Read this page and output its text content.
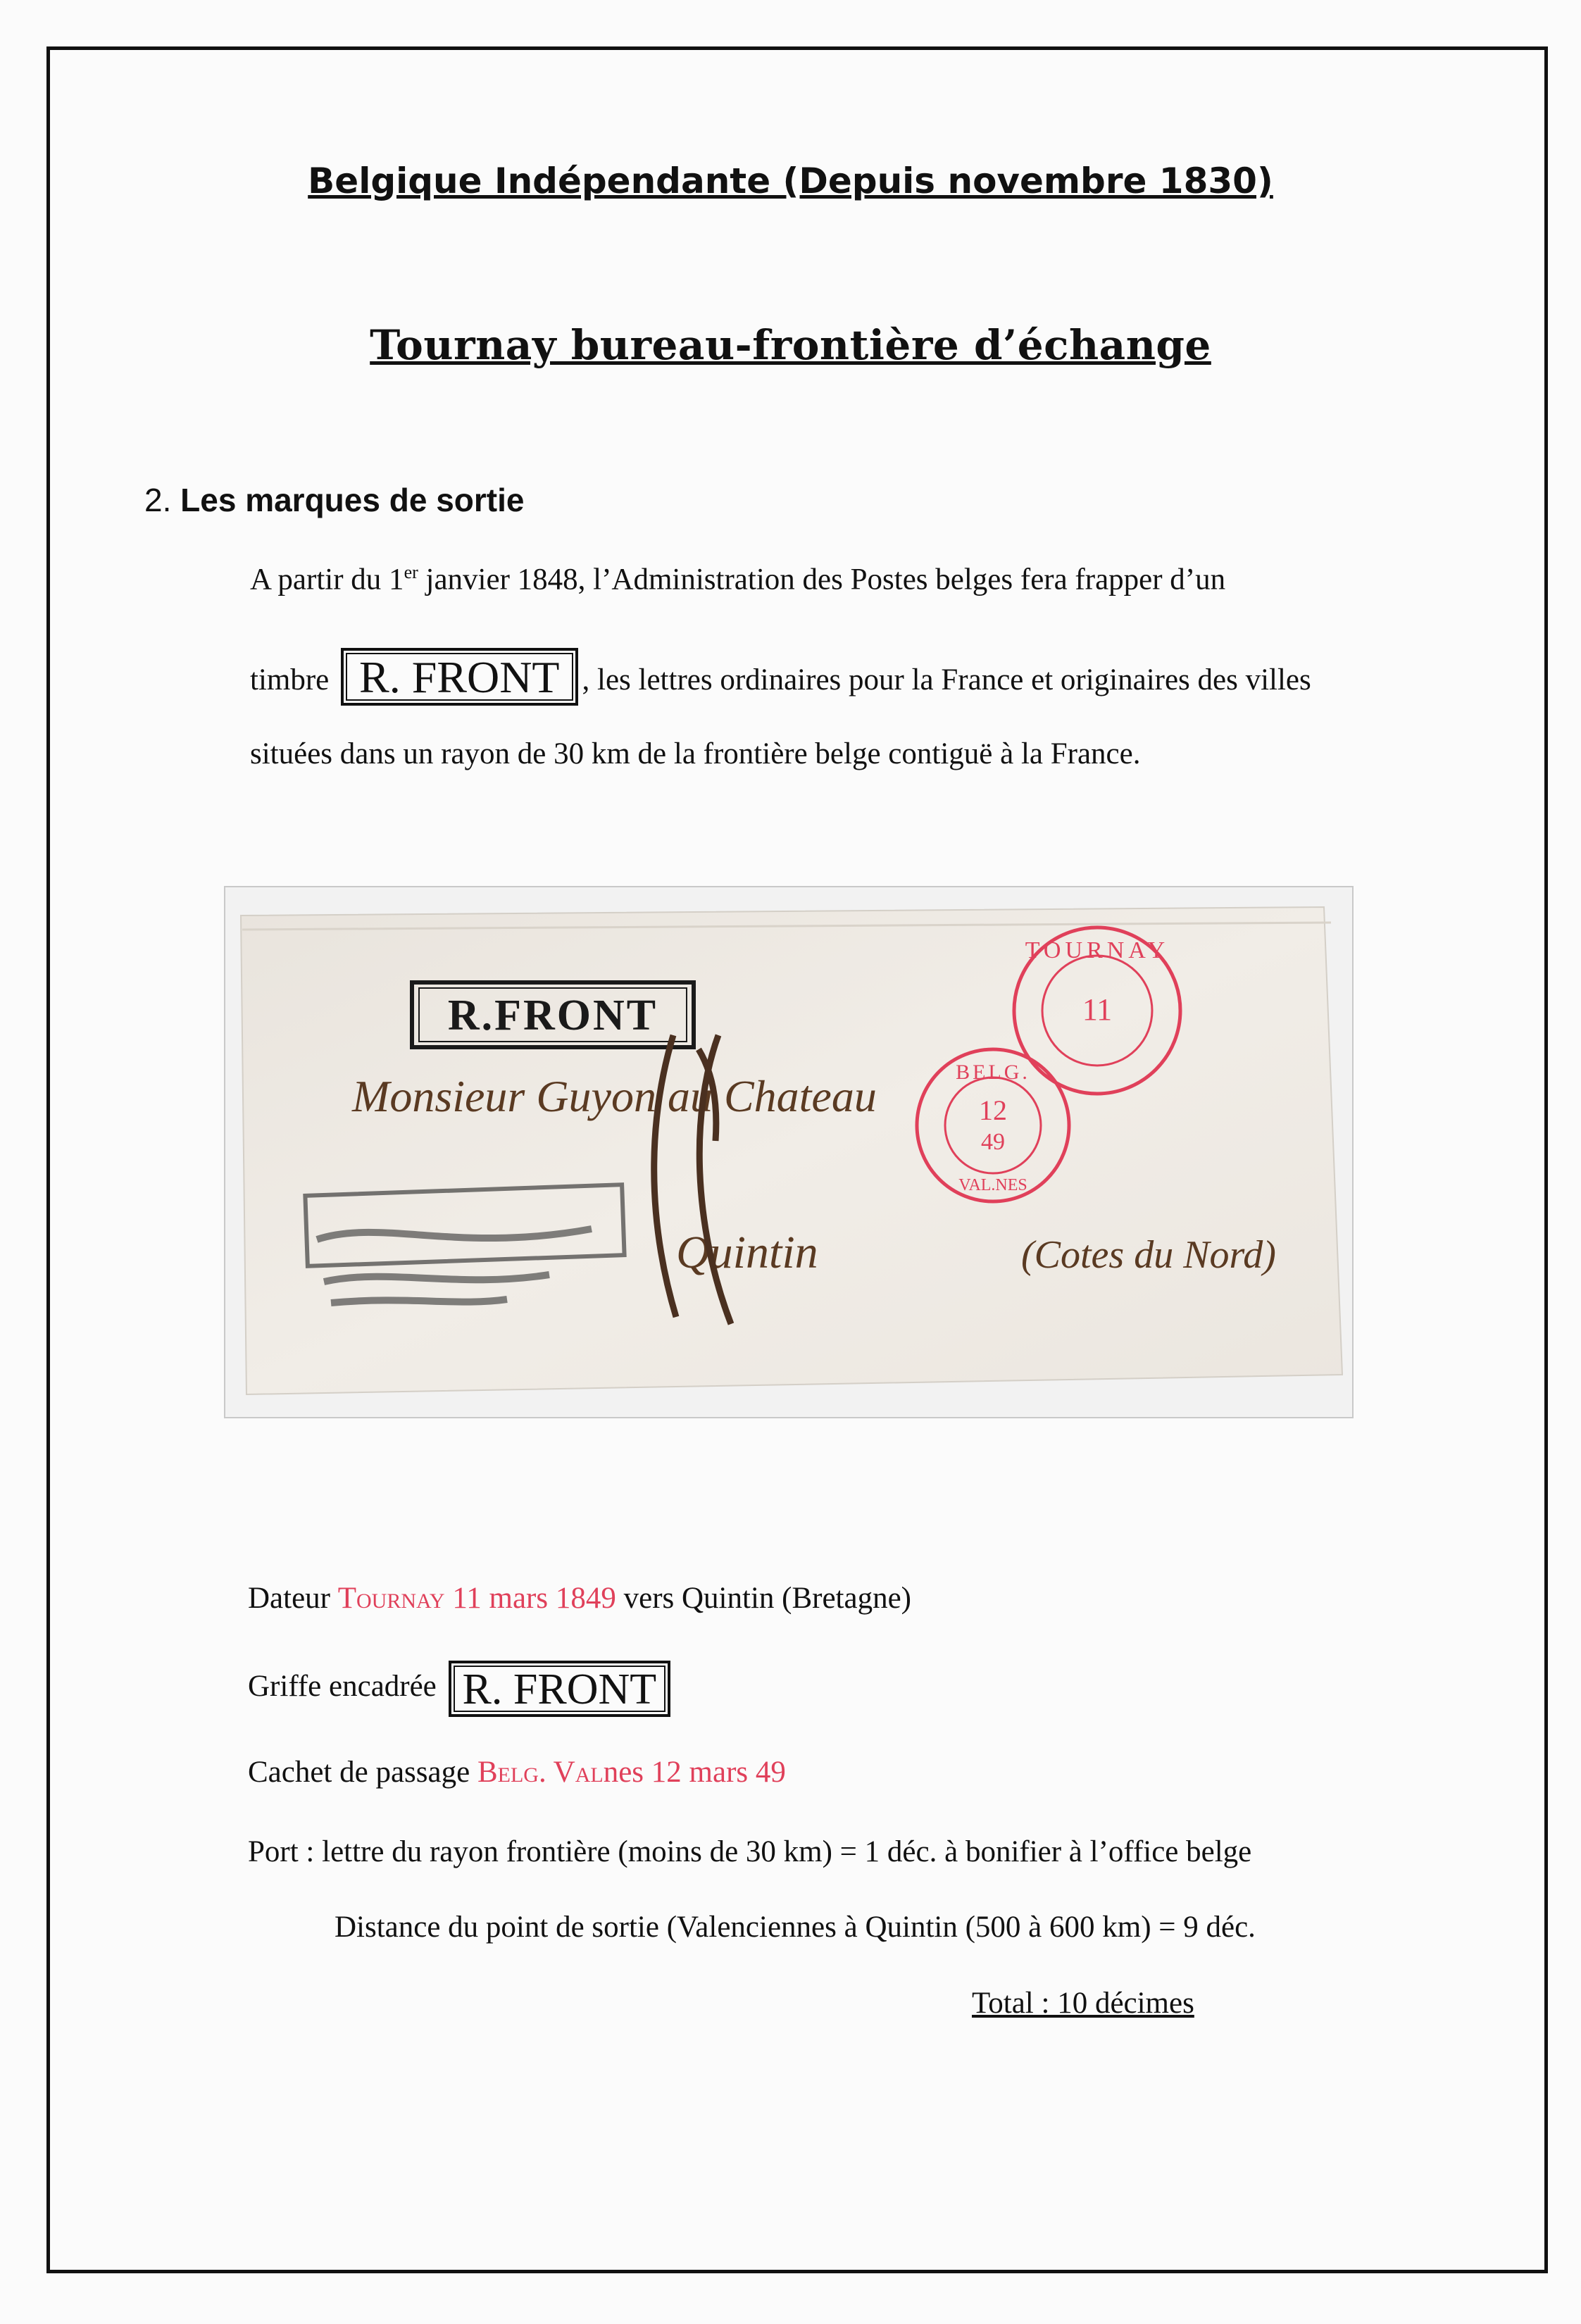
Belgique Indépendante (Depuis novembre 1830)
Tournay bureau-frontière d’échange
2. Les marques de sortie
A partir du 1er janvier 1848, l’Administration des Postes belges fera frapper d’un
timbre R. FRONT , les lettres ordinaires pour la France et originaires des villes
situées dans un rayon de 30 km de la frontière belge contiguë à la France.
R.FRONT
Monsieur Guyon au Chateau
Quintin	(Cotes du Nord)
TOURNAY
11
BELG.
12
49
VAL.NES
Dateur Tournay 11 mars 1849 vers Quintin (Bretagne)
Griffe encadrée R. FRONT
Cachet de passage Belg. Valnes 12 mars 49
Port : lettre du rayon frontière (moins de 30 km) = 1 déc. à bonifier à l’office belge
Distance du point de sortie (Valenciennes à Quintin (500 à 600 km) = 9 déc.
Total : 10 décimes
